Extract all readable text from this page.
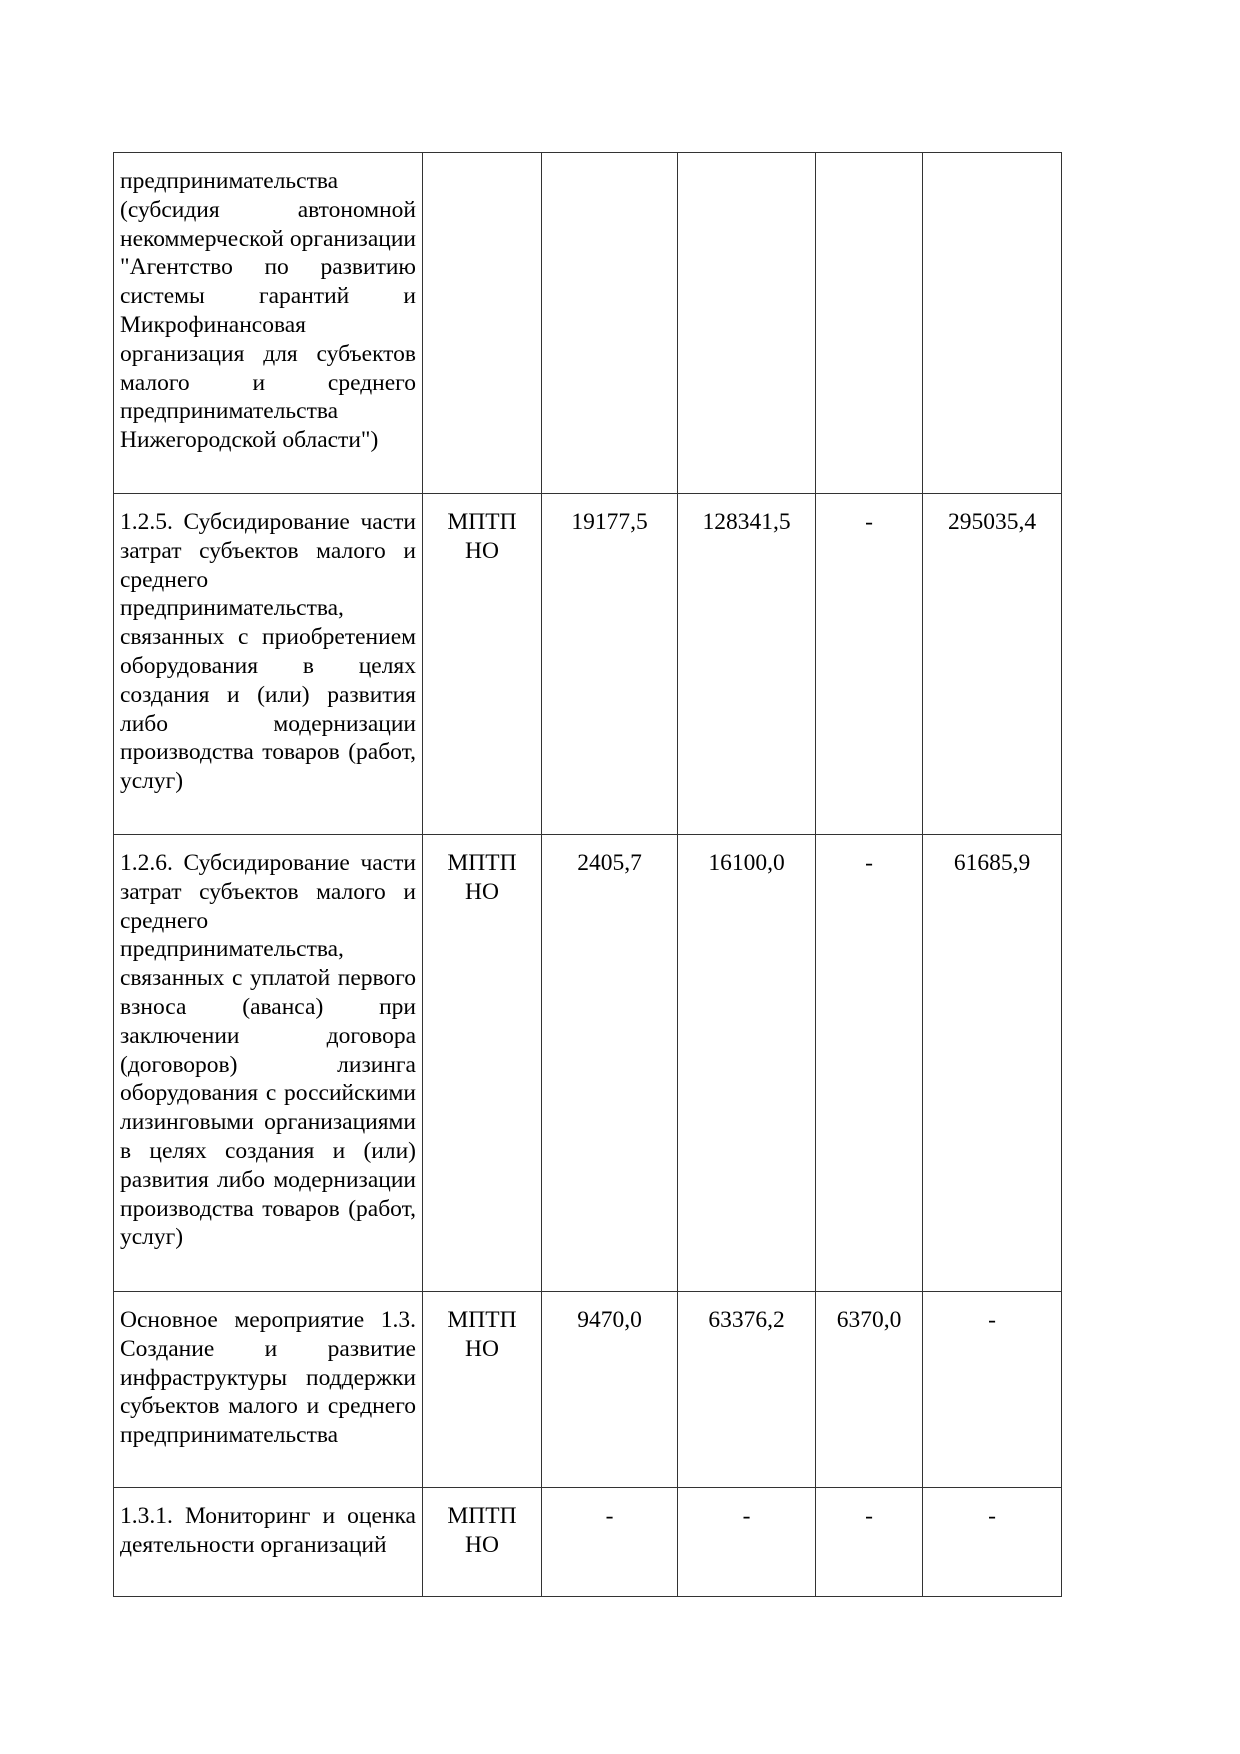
предпринимательства (субсидия автономной некоммерческой организации "Агентство по развитию системы гарантий и Микрофинансовая организация для субъектов малого и среднего предпринимательства Нижегородской области")					
1.2.5. Субсидирование части затрат субъектов малого и среднего предпринимательства, связанных с приобретением оборудования в целях создания и (или) развития либо модернизации производства товаров (работ, услуг)	МПТП НО	19177,5	128341,5	-	295035,4
1.2.6. Субсидирование части затрат субъектов малого и среднего предпринимательства, связанных с уплатой первого взноса (аванса) при заключении договора (договоров) лизинга оборудования с российскими лизинговыми организациями в целях создания и (или) развития либо модернизации производства товаров (работ, услуг)	МПТП НО	2405,7	16100,0	-	61685,9
Основное мероприятие 1.3. Создание и развитие инфраструктуры поддержки субъектов малого и среднего предпринимательства	МПТП НО	9470,0	63376,2	6370,0	-
1.3.1. Мониторинг и оценка деятельности организаций	МПТП НО	-	-	-	-
